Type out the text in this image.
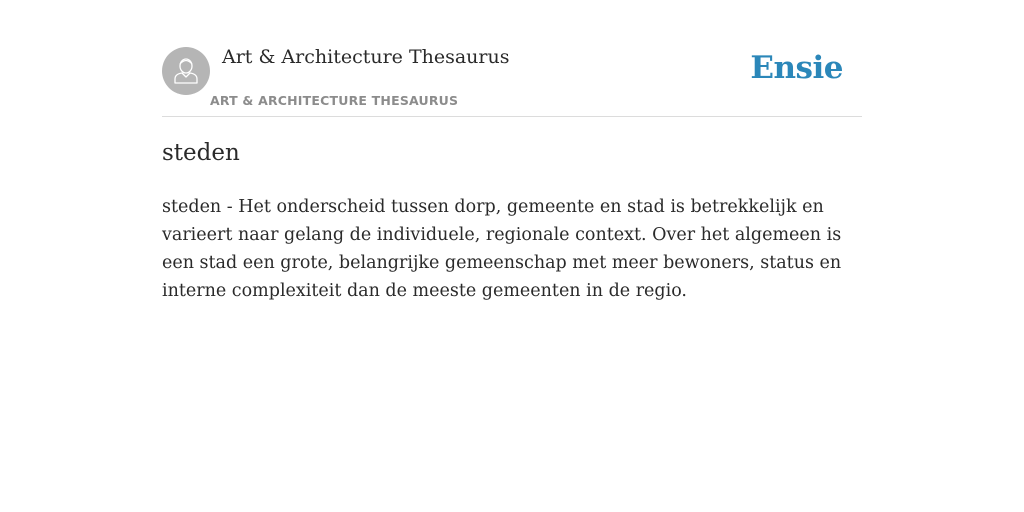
Art & Architecture Thesaurus
ART & ARCHITECTURE THESAURUS
Ensie
steden

steden - Het onderscheid tussen dorp, gemeente en stad is betrekkelijk en varieert naar gelang de individuele, regionale context. Over het algemeen is een stad een grote, belangrijke gemeenschap met meer bewoners, status en interne complexiteit dan de meeste gemeenten in de regio.
